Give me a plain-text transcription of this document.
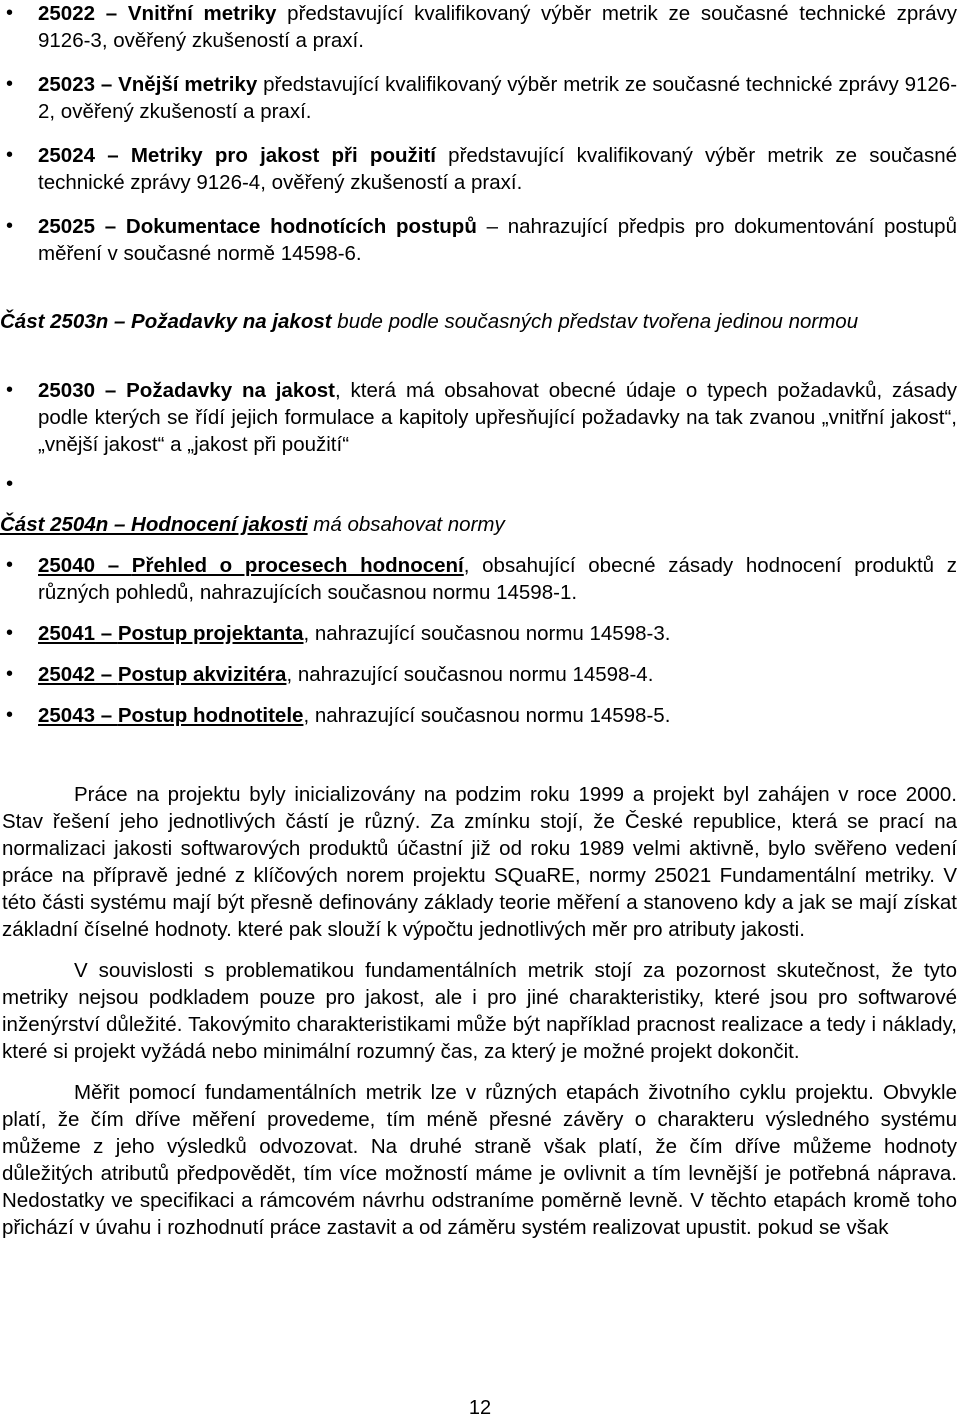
• 25022 – Vnitřní metriky představující kvalifikovaný výběr metrik ze současné technické zprávy 9126-3, ověřený zkušeností a praxí.
• 25023 – Vnější metriky představující kvalifikovaný výběr metrik ze současné technické zprávy 9126-2, ověřený zkušeností a praxí.
• 25024 – Metriky pro jakost při použití představující kvalifikovaný výběr metrik ze současné technické zprávy 9126-4, ověřený zkušeností a praxí.
• 25025 – Dokumentace hodnotících postupů – nahrazující předpis pro dokumentování postupů měření v současné normě 14598-6.
Část 2503n – Požadavky na jakost bude podle současných představ tvořena jedinou normou
• 25030 – Požadavky na jakost, která má obsahovat obecné údaje o typech požadavků, zásady podle kterých se řídí jejich formulace a kapitoly upřesňující požadavky na tak zvanou „vnitřní jakost“, „vnější jakost“ a „jakost při použití“
•
Část 2504n – Hodnocení jakosti má obsahovat normy
• 25040 – Přehled o procesech hodnocení, obsahující obecné zásady hodnocení produktů z různých pohledů, nahrazujících současnou normu 14598-1.
• 25041 – Postup projektanta, nahrazující současnou normu 14598-3.
• 25042 – Postup akvizitéra, nahrazující současnou normu 14598-4.
• 25043 – Postup hodnotitele, nahrazující současnou normu 14598-5.

Práce na projektu byly inicializovány na podzim roku 1999 a projekt byl zahájen v roce 2000. Stav řešení jeho jednotlivých částí je různý. Za zmínku stojí, že České republice, která se prací na normalizaci jakosti softwarových produktů účastní již od roku 1989 velmi aktivně, bylo svěřeno vedení práce na přípravě jedné z klíčových norem projektu SQuaRE, normy 25021 Fundamentální metriky. V této části systému mají být přesně definovány základy teorie měření a stanoveno kdy a jak se mají získat základní číselné hodnoty. které pak slouží k výpočtu jednotlivých měr pro atributy jakosti.

V souvislosti s problematikou fundamentálních metrik stojí za pozornost skutečnost, že tyto metriky nejsou podkladem pouze pro jakost, ale i pro jiné charakteristiky, které jsou pro softwarové inženýrství důležité. Takovýmito charakteristikami může být například pracnost realizace a tedy i náklady, které si projekt vyžádá nebo minimální rozumný čas, za který je možné projekt dokončit.

Měřit pomocí fundamentálních metrik lze v různých etapách životního cyklu projektu. Obvykle platí, že čím dříve měření provedeme, tím méně přesné závěry o charakteru výsledného systému můžeme z jeho výsledků odvozovat. Na druhé straně však platí, že čím dříve můžeme hodnoty důležitých atributů předpovědět, tím více možností máme je ovlivnit a tím levnější je potřebná náprava. Nedostatky ve specifikaci a rámcovém návrhu odstraníme poměrně levně. V těchto etapách kromě toho přichází v úvahu i rozhodnutí práce zastavit a od záměru systém realizovat upustit. pokud se však

12
